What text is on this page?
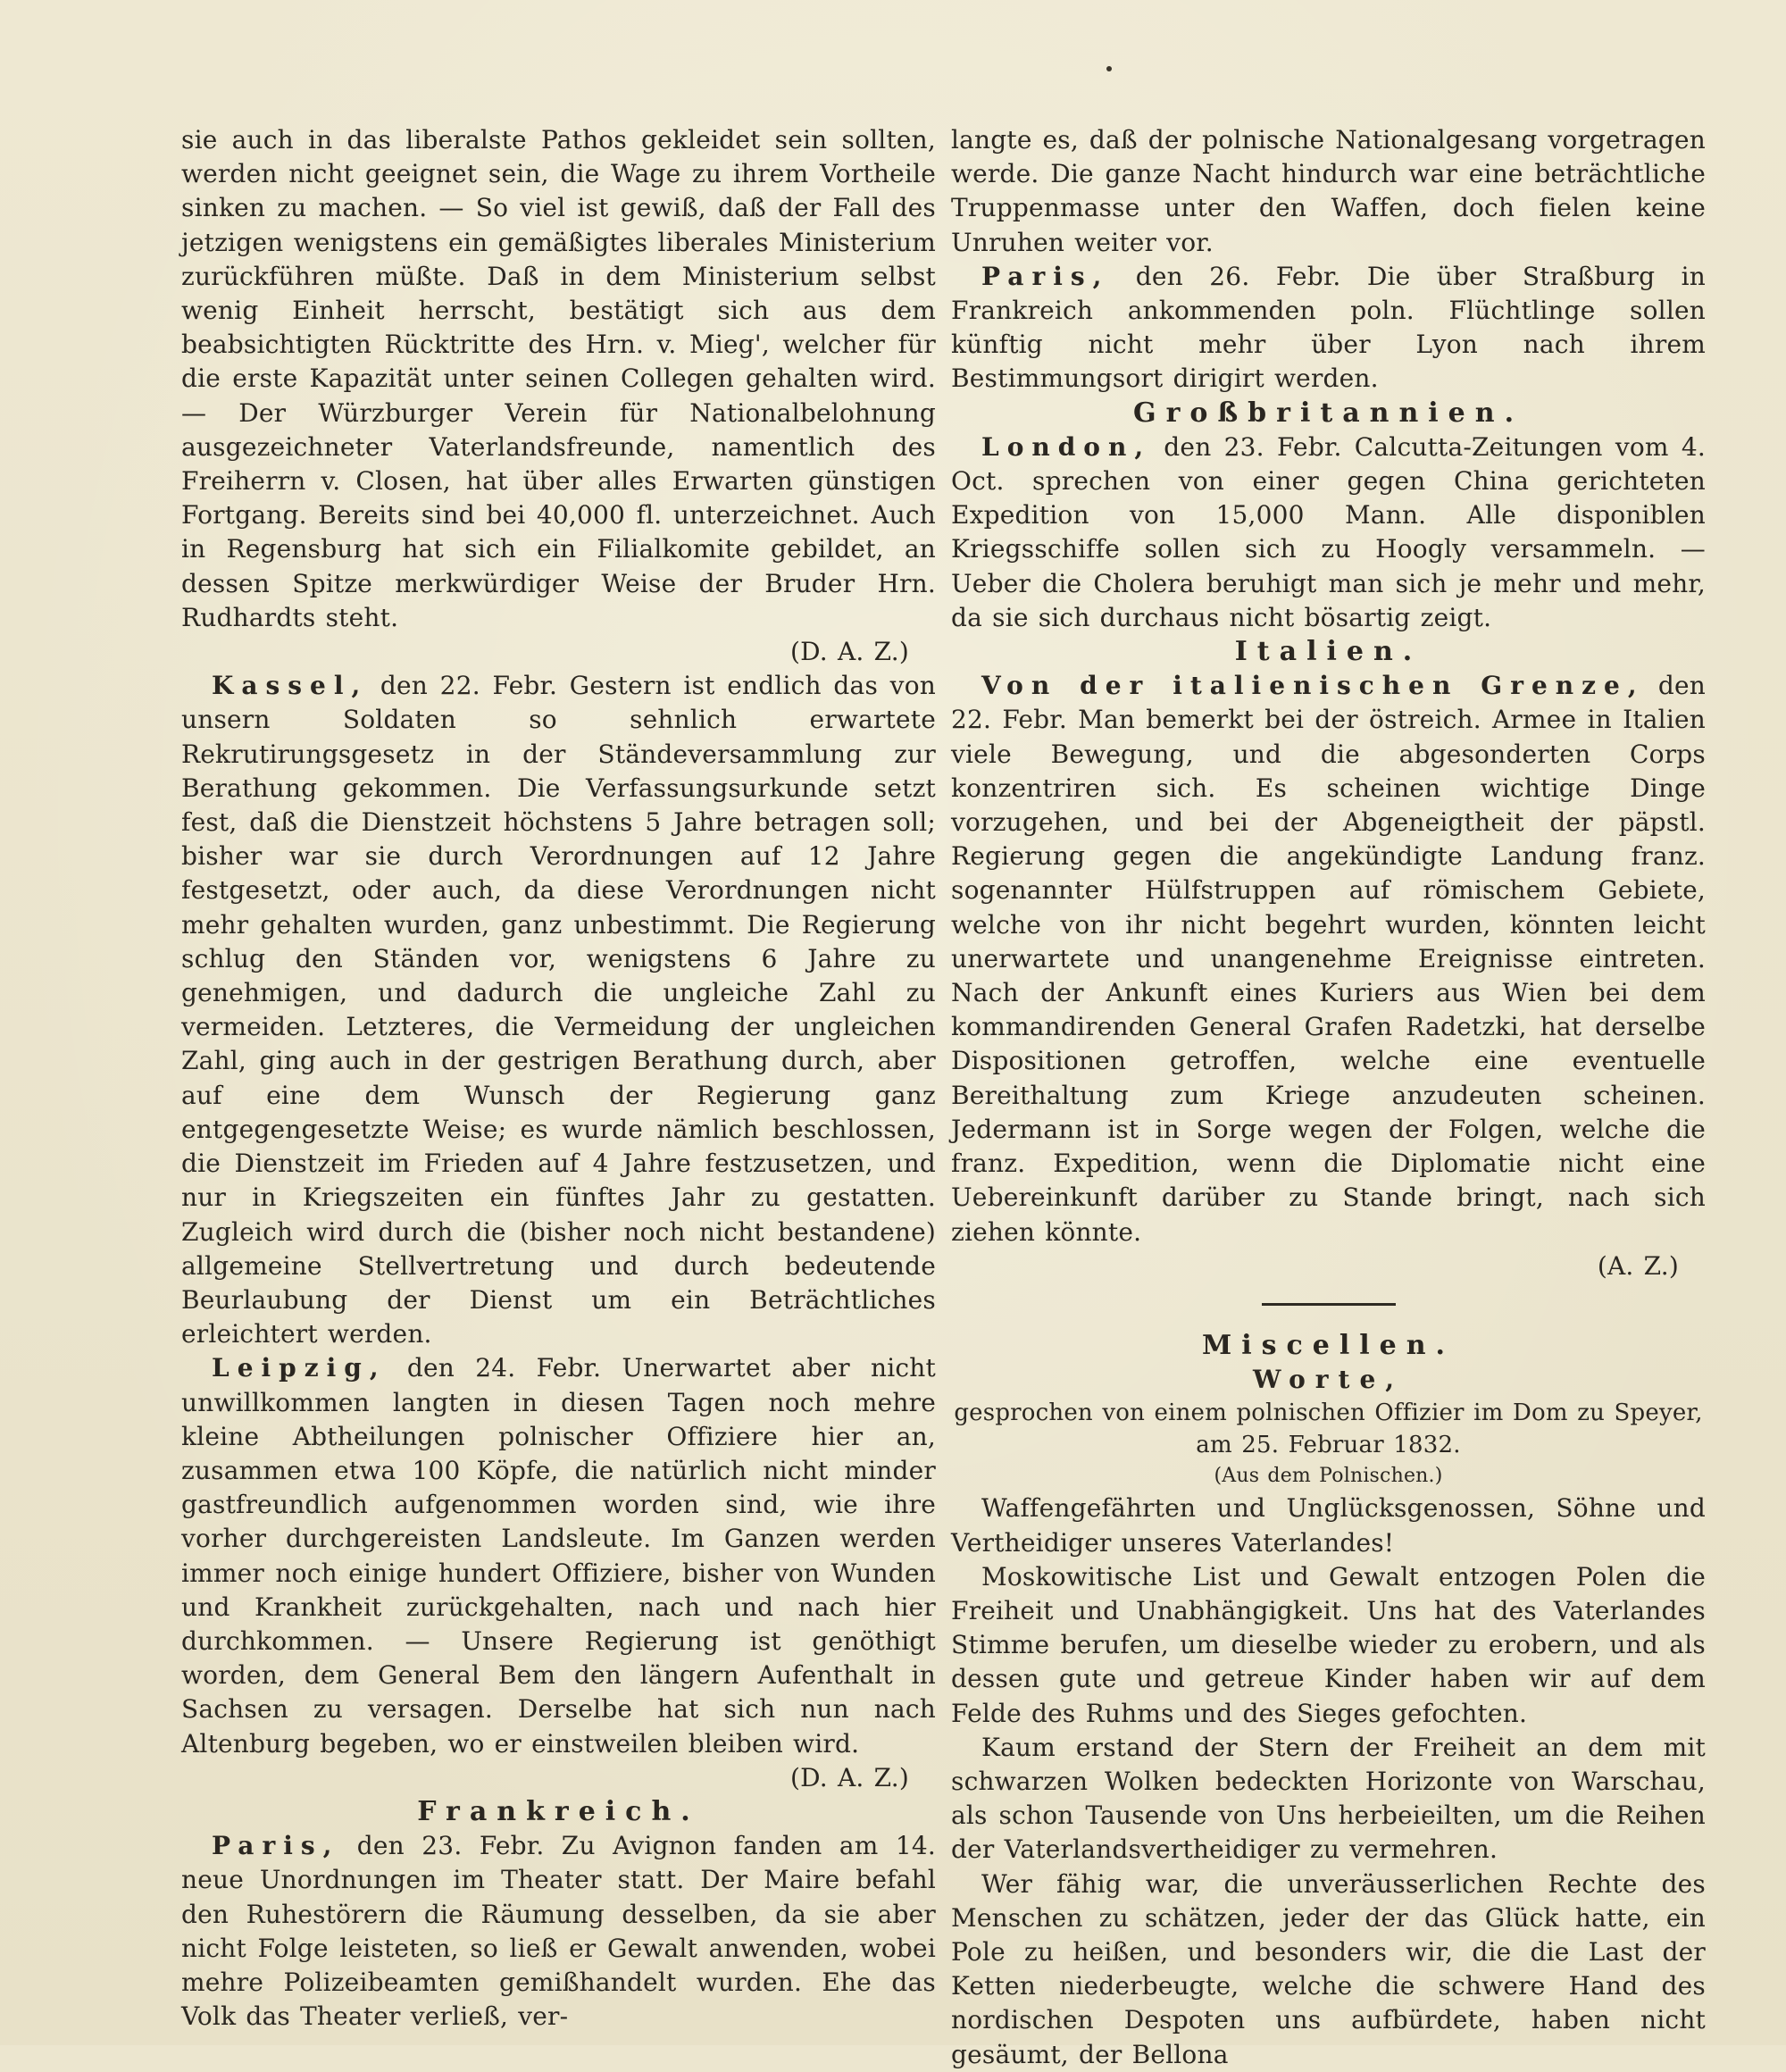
sie auch in das liberalste Pathos gekleidet sein sollten, werden nicht geeignet sein, die Wage zu ihrem Vortheile sinken zu machen. — So viel ist gewiß, daß der Fall des jetzigen wenigstens ein gemäßigtes liberales Ministerium zurückführen müßte. Daß in dem Ministerium selbst wenig Einheit herrscht, bestätigt sich aus dem beabsichtigten Rücktritte des Hrn. v. Mieg', welcher für die erste Kapazität unter seinen Collegen gehalten wird. — Der Würzburger Verein für Nationalbelohnung ausgezeichneter Vaterlandsfreunde, namentlich des Freiherrn v. Closen, hat über alles Erwarten günstigen Fortgang. Bereits sind bei 40,000 fl. unterzeichnet. Auch in Regensburg hat sich ein Filialkomite gebildet, an dessen Spitze merkwürdiger Weise der Bruder Hrn. Rudhardts steht.
(D. A. Z.)

Kassel, den 22. Febr. Gestern ist endlich das von unsern Soldaten so sehnlich erwartete Rekrutirungsgesetz in der Ständeversammlung zur Berathung gekommen. Die Verfassungsurkunde setzt fest, daß die Dienstzeit höchstens 5 Jahre betragen soll; bisher war sie durch Verordnungen auf 12 Jahre festgesetzt, oder auch, da diese Verordnungen nicht mehr gehalten wurden, ganz unbestimmt. Die Regierung schlug den Ständen vor, wenigstens 6 Jahre zu genehmigen, und dadurch die ungleiche Zahl zu vermeiden. Letzteres, die Vermeidung der ungleichen Zahl, ging auch in der gestrigen Berathung durch, aber auf eine dem Wunsch der Regierung ganz entgegengesetzte Weise; es wurde nämlich beschlossen, die Dienstzeit im Frieden auf 4 Jahre festzusetzen, und nur in Kriegszeiten ein fünftes Jahr zu gestatten. Zugleich wird durch die (bisher noch nicht bestandene) allgemeine Stellvertretung und durch bedeutende Beurlaubung der Dienst um ein Beträchtliches erleichtert werden.

Leipzig, den 24. Febr. Unerwartet aber nicht unwillkommen langten in diesen Tagen noch mehre kleine Abtheilungen polnischer Offiziere hier an, zusammen etwa 100 Köpfe, die natürlich nicht minder gastfreundlich aufgenommen worden sind, wie ihre vorher durchgereisten Landsleute. Im Ganzen werden immer noch einige hundert Offiziere, bisher von Wunden und Krankheit zurückgehalten, nach und nach hier durchkommen. — Unsere Regierung ist genöthigt worden, dem General Bem den längern Aufenthalt in Sachsen zu versagen. Derselbe hat sich nun nach Altenburg begeben, wo er einstweilen bleiben wird.
(D. A. Z.)

Frankreich.

Paris, den 23. Febr. Zu Avignon fanden am 14. neue Unordnungen im Theater statt. Der Maire befahl den Ruhestörern die Räumung desselben, da sie aber nicht Folge leisteten, so ließ er Gewalt anwenden, wobei mehre Polizeibeamten gemißhandelt wurden. Ehe das Volk das Theater verließ, ver-

langte es, daß der polnische Nationalgesang vorgetragen werde. Die ganze Nacht hindurch war eine beträchtliche Truppenmasse unter den Waffen, doch fielen keine Unruhen weiter vor.

Paris, den 26. Febr. Die über Straßburg in Frankreich ankommenden poln. Flüchtlinge sollen künftig nicht mehr über Lyon nach ihrem Bestimmungsort dirigirt werden.

Großbritannien.

London, den 23. Febr. Calcutta-Zeitungen vom 4. Oct. sprechen von einer gegen China gerichteten Expedition von 15,000 Mann. Alle disponiblen Kriegsschiffe sollen sich zu Hoogly versammeln. — Ueber die Cholera beruhigt man sich je mehr und mehr, da sie sich durchaus nicht bösartig zeigt.

Italien.

Von der italienischen Grenze, den 22. Febr. Man bemerkt bei der östreich. Armee in Italien viele Bewegung, und die abgesonderten Corps konzentriren sich. Es scheinen wichtige Dinge vorzugehen, und bei der Abgeneigtheit der päpstl. Regierung gegen die angekündigte Landung franz. sogenannter Hülfstruppen auf römischem Gebiete, welche von ihr nicht begehrt wurden, könnten leicht unerwartete und unangenehme Ereignisse eintreten. Nach der Ankunft eines Kuriers aus Wien bei dem kommandirenden General Grafen Radetzki, hat derselbe Dispositionen getroffen, welche eine eventuelle Bereithaltung zum Kriege anzudeuten scheinen. Jedermann ist in Sorge wegen der Folgen, welche die franz. Expedition, wenn die Diplomatie nicht eine Uebereinkunft darüber zu Stande bringt, nach sich ziehen könnte.
(A. Z.)

Miscellen.

Worte,

gesprochen von einem polnischen Offizier im Dom zu Speyer, am 25. Februar 1832.

(Aus dem Polnischen.)

Waffengefährten und Unglücksgenossen, Söhne und Vertheidiger unseres Vaterlandes!

Moskowitische List und Gewalt entzogen Polen die Freiheit und Unabhängigkeit. Uns hat des Vaterlandes Stimme berufen, um dieselbe wieder zu erobern, und als dessen gute und getreue Kinder haben wir auf dem Felde des Ruhms und des Sieges gefochten.

Kaum erstand der Stern der Freiheit an dem mit schwarzen Wolken bedeckten Horizonte von Warschau, als schon Tausende von Uns herbeieilten, um die Reihen der Vaterlandsvertheidiger zu vermehren.

Wer fähig war, die unveräusserlichen Rechte des Menschen zu schätzen, jeder der das Glück hatte, ein Pole zu heißen, und besonders wir, die die Last der Ketten niederbeugte, welche die schwere Hand des nordischen Despoten uns aufbürdete, haben nicht gesäumt, der Bellona
